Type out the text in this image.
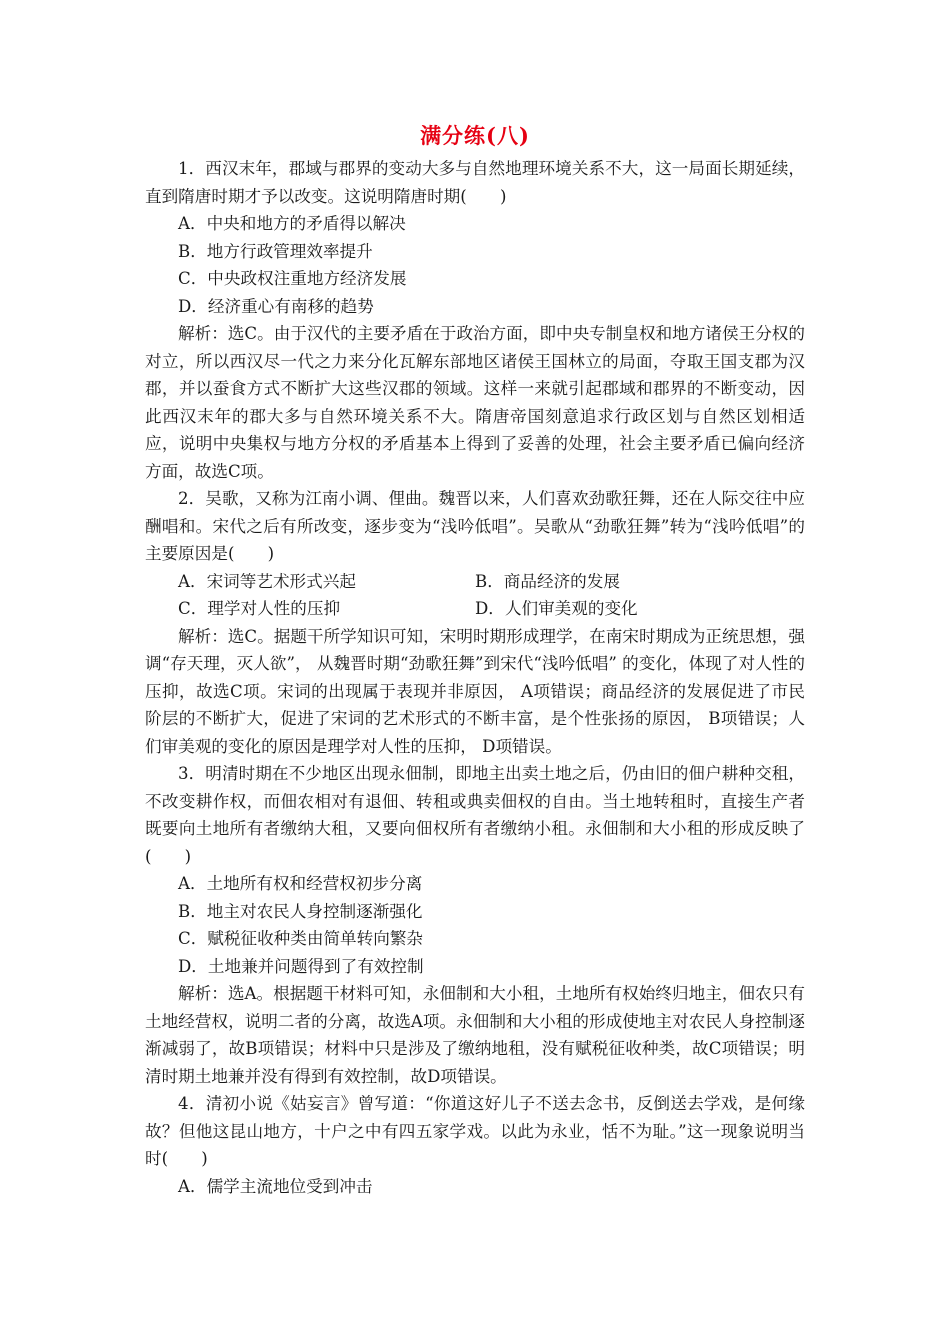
满分练(八)

1．西汉末年，郡域与郡界的变动大多与自然地理环境关系不大，这一局面长期延续，直到隋唐时期才予以改变。这说明隋唐时期(　　)

A．中央和地方的矛盾得以解决

B．地方行政管理效率提升

C．中央政权注重地方经济发展

D．经济重心有南移的趋势

解析：选C。由于汉代的主要矛盾在于政治方面，即中央专制皇权和地方诸侯王分权的对立，所以西汉尽一代之力来分化瓦解东部地区诸侯王国林立的局面，夺取王国支郡为汉郡，并以蚕食方式不断扩大这些汉郡的领域。这样一来就引起郡域和郡界的不断变动，因此西汉末年的郡大多与自然环境关系不大。隋唐帝国刻意追求行政区划与自然区划相适应，说明中央集权与地方分权的矛盾基本上得到了妥善的处理，社会主要矛盾已偏向经济方面，故选C项。

2．吴歌，又称为江南小调、俚曲。魏晋以来，人们喜欢劲歌狂舞，还在人际交往中应酬唱和。宋代之后有所改变，逐步变为“浅吟低唱”。吴歌从“劲歌狂舞”转为“浅吟低唱”的主要原因是(　　)

A．宋词等艺术形式兴起	B．商品经济的发展
C．理学对人性的压抑	D．人们审美观的变化

解析：选C。据题干所学知识可知，宋明时期形成理学，在南宋时期成为正统思想，强调“存天理，灭人欲”， 从魏晋时期“劲歌狂舞”到宋代“浅吟低唱” 的变化，体现了对人性的压抑，故选C项。宋词的出现属于表现并非原因， A项错误；商品经济的发展促进了市民阶层的不断扩大，促进了宋词的艺术形式的不断丰富，是个性张扬的原因， B项错误；人们审美观的变化的原因是理学对人性的压抑， D项错误。

3．明清时期在不少地区出现永佃制，即地主出卖土地之后，仍由旧的佃户耕种交租，不改变耕作权，而佃农相对有退佃、转租或典卖佃权的自由。当土地转租时，直接生产者既要向土地所有者缴纳大租，又要向佃权所有者缴纳小租。永佃制和大小租的形成反映了(　　)

A．土地所有权和经营权初步分离

B．地主对农民人身控制逐渐强化

C．赋税征收种类由简单转向繁杂

D．土地兼并问题得到了有效控制

解析：选A。根据题干材料可知，永佃制和大小租，土地所有权始终归地主，佃农只有土地经营权，说明二者的分离，故选A项。永佃制和大小租的形成使地主对农民人身控制逐渐减弱了，故B项错误；材料中只是涉及了缴纳地租，没有赋税征收种类，故C项错误；明清时期土地兼并没有得到有效控制，故D项错误。

4．清初小说《姑妄言》曾写道：“你道这好儿子不送去念书，反倒送去学戏，是何缘故？但他这昆山地方，十户之中有四五家学戏。以此为永业，恬不为耻。”这一现象说明当时(　　)

A．儒学主流地位受到冲击
